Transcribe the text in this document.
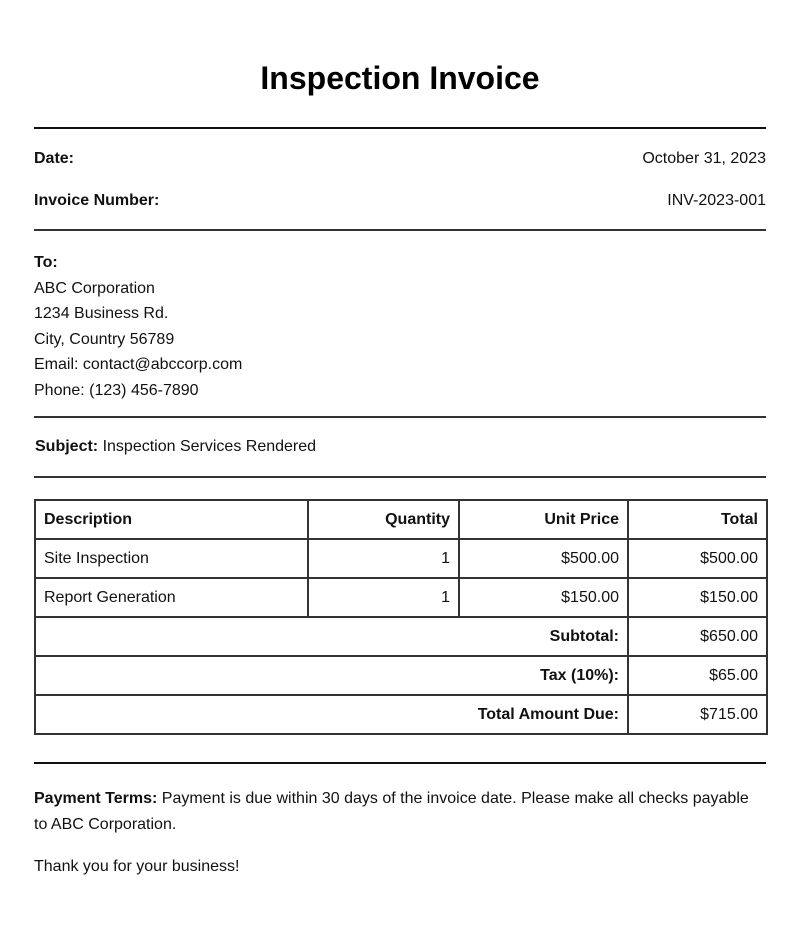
Inspection Invoice
Date:	October 31, 2023
Invoice Number:	INV-2023-001
To:
ABC Corporation
1234 Business Rd.
City, Country 56789
Email: contact@abccorp.com
Phone: (123) 456-7890
Subject: Inspection Services Rendered
Description	Quantity	Unit Price	Total
Site Inspection	1	$500.00	$500.00
Report Generation	1	$150.00	$150.00
Subtotal:			$650.00
Tax (10%):			$65.00
Total Amount Due:			$715.00
Payment Terms: Payment is due within 30 days of the invoice date. Please make all checks payable to ABC Corporation.
Thank you for your business!
